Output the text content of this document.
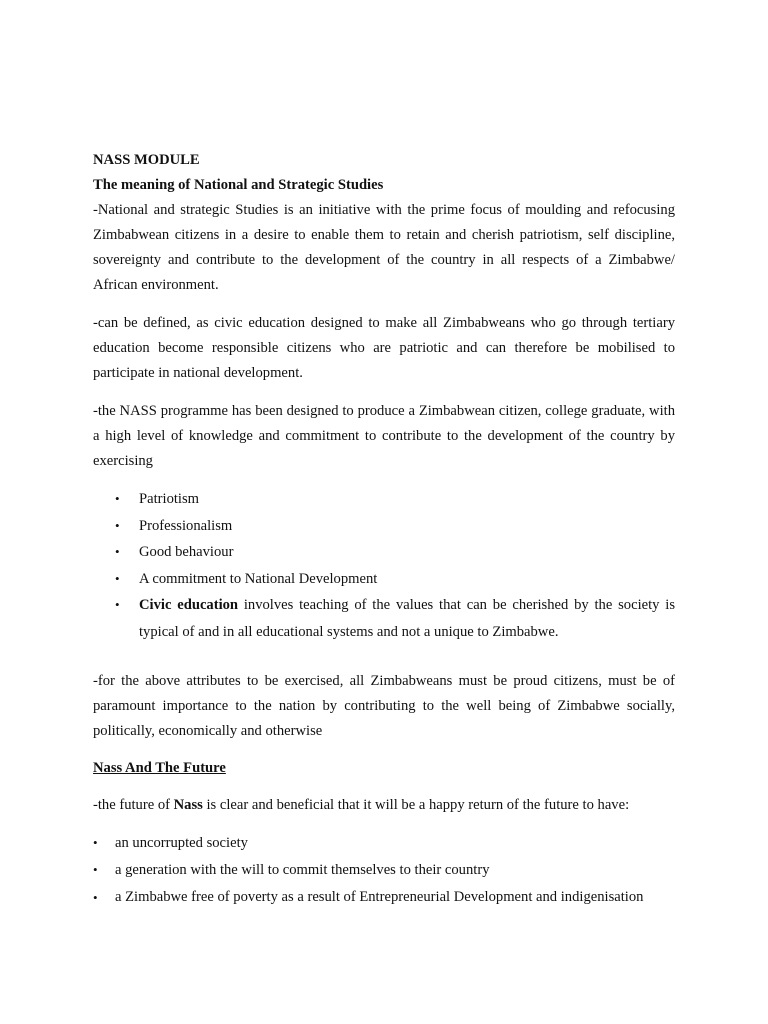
NASS MODULE

The meaning of National and Strategic Studies

-National and strategic Studies is an initiative with the prime focus of moulding and refocusing Zimbabwean citizens in a desire to enable them to retain and cherish patriotism, self discipline, sovereignty and contribute to the development of the country in all respects of a Zimbabwe/ African environment.

-can be defined, as civic education designed to make all Zimbabweans who go through tertiary education become responsible citizens who are patriotic and can therefore be mobilised to participate in national development.

-the NASS programme has been designed to produce a Zimbabwean citizen, college graduate, with a high level of knowledge and commitment to contribute to the development of the country by exercising

• Patriotism
• Professionalism
• Good behaviour
• A commitment to National Development
• Civic education involves teaching of the values that can be cherished by the society is typical of and in all educational systems and not a unique to Zimbabwe.

-for the above attributes to be exercised, all Zimbabweans must be proud citizens, must be of paramount importance to the nation by contributing to the well being of Zimbabwe socially, politically, economically and otherwise

Nass And The Future

-the future of Nass is clear and beneficial that it will be a happy return of the future to have:

• an uncorrupted society
• a generation with the will to commit themselves to their country
• a Zimbabwe free of poverty as a result of Entrepreneurial Development and indigenisation
